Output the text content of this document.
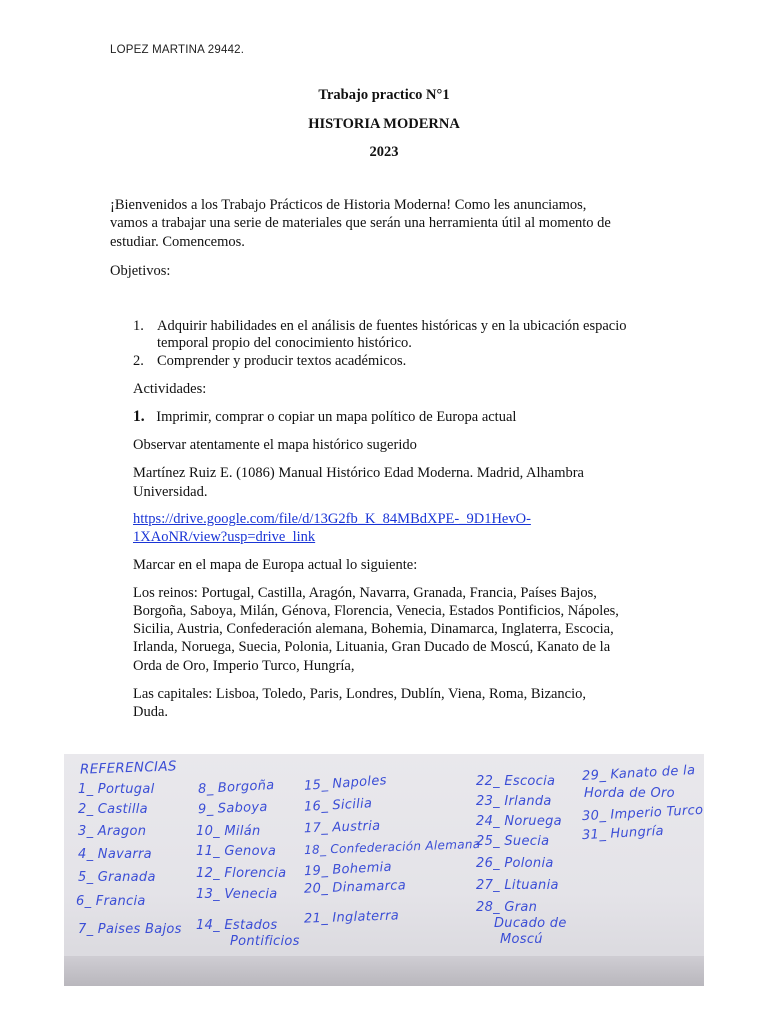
LOPEZ MARTINA 29442.
Trabajo practico N°1
HISTORIA MODERNA
2023
¡Bienvenidos a los Trabajo Prácticos de Historia Moderna! Como les anunciamos,
vamos a trabajar una serie de materiales que serán una herramienta útil al momento de
estudiar. Comencemos.
Objetivos:
1. Adquirir habilidades en el análisis de fuentes históricas y en la ubicación espacio
temporal propio del conocimiento histórico.
2. Comprender y producir textos académicos.
Actividades:
1. Imprimir, comprar o copiar un mapa político de Europa actual
Observar atentamente el mapa histórico sugerido
Martínez Ruiz E. (1086) Manual Histórico Edad Moderna. Madrid, Alhambra
Universidad.
https://drive.google.com/file/d/13G2fb_K_84MBdXPE-_9D1HevO-
1XAoNR/view?usp=drive_link
Marcar en el mapa de Europa actual lo siguiente:
Los reinos: Portugal, Castilla, Aragón, Navarra, Granada, Francia, Países Bajos,
Borgoña, Saboya, Milán, Génova, Florencia, Venecia, Estados Pontificios, Nápoles,
Sicilia, Austria, Confederación alemana, Bohemia, Dinamarca, Inglaterra, Escocia,
Irlanda, Noruega, Suecia, Polonia, Lituania, Gran Ducado de Moscú, Kanato de la
Orda de Oro, Imperio Turco, Hungría,
Las capitales: Lisboa, Toledo, Paris, Londres, Dublín, Viena, Roma, Bizancio,
Duda.
REFERENCIAS
1_ Portugal
2_ Castilla
3_ Aragon
4_ Navarra
5_ Granada
6_ Francia
7_ Paises Bajos
8_ Borgoña
9_ Saboya
10_ Milán
11_ Genova
12_ Florencia
13_ Venecia
14_ Estados
Pontificios
15_ Napoles
16_ Sicilia
17_ Austria
18_ Confederación Alemana
19_ Bohemia
20_ Dinamarca
21_ Inglaterra
22_ Escocia
23_ Irlanda
24_ Noruega
25_ Suecia
26_ Polonia
27_ Lituania
28_ Gran
Ducado de
Moscú
29_ Kanato de la
Horda de Oro
30_ Imperio Turco
31_ Hungría
